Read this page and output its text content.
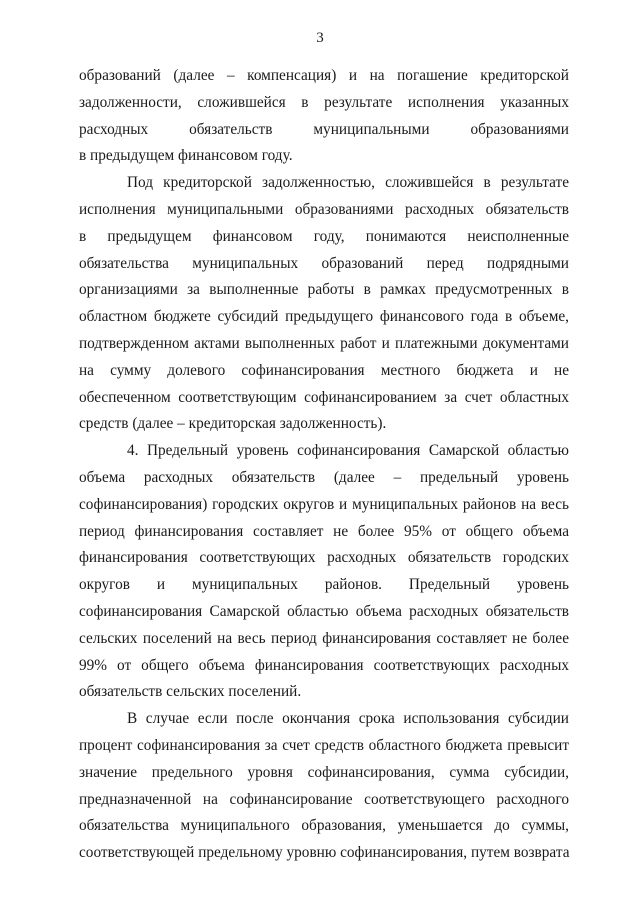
3
образований (далее – компенсация) и на погашение кредиторской
задолженности, сложившейся в результате исполнения указанных
расходных обязательств муниципальными образованиями
в предыдущем финансовом году.
Под кредиторской задолженностью, сложившейся в результате
исполнения муниципальными образованиями расходных обязательств
в предыдущем финансовом году, понимаются неисполненные
обязательства муниципальных образований перед подрядными
организациями за выполненные работы в рамках предусмотренных в
областном бюджете субсидий предыдущего финансового года в объеме,
подтвержденном актами выполненных работ и платежными документами
на сумму долевого софинансирования местного бюджета и не
обеспеченном соответствующим софинансированием за счет областных
средств (далее – кредиторская задолженность).
4. Предельный уровень софинансирования Самарской областью
объема расходных обязательств (далее – предельный уровень
софинансирования) городских округов и муниципальных районов на весь
период финансирования составляет не более 95% от общего объема
финансирования соответствующих расходных обязательств городских
округов и муниципальных районов. Предельный уровень
софинансирования Самарской областью объема расходных обязательств
сельских поселений на весь период финансирования составляет не более
99% от общего объема финансирования соответствующих расходных
обязательств сельских поселений.
В случае если после окончания срока использования субсидии
процент софинансирования за счет средств областного бюджета превысит
значение предельного уровня софинансирования, сумма субсидии,
предназначенной на софинансирование соответствующего расходного
обязательства муниципального образования, уменьшается до суммы,
соответствующей предельному уровню софинансирования, путем возврата
